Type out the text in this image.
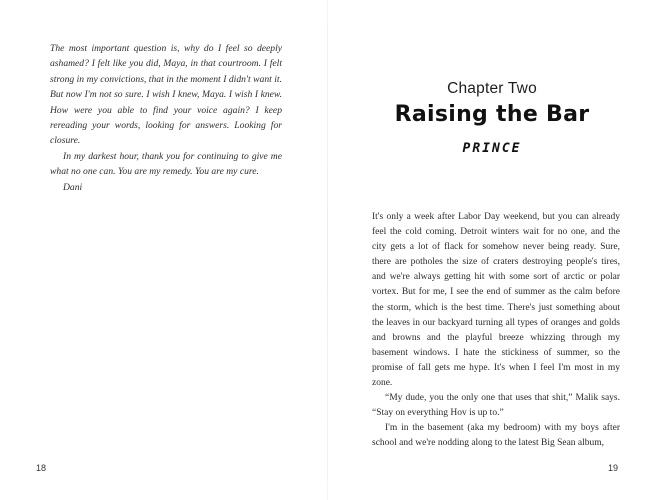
The most important question is, why do I feel so deeply ashamed? I felt like you did, Maya, in that courtroom. I felt strong in my convictions, that in the moment I didn't want it. But now I'm not so sure. I wish I knew, Maya. I wish I knew. How were you able to find your voice again? I keep rereading your words, looking for answers. Looking for closure.

In my darkest hour, thank you for continuing to give me what no one can. You are my remedy. You are my cure.

Dani

18
Chapter Two
Raising the Bar
PRINCE

It's only a week after Labor Day weekend, but you can already feel the cold coming. Detroit winters wait for no one, and the city gets a lot of flack for somehow never being ready. Sure, there are potholes the size of craters destroying people's tires, and we're always getting hit with some sort of arctic or polar vortex. But for me, I see the end of summer as the calm before the storm, which is the best time. There's just something about the leaves in our backyard turning all types of oranges and golds and browns and the playful breeze whizzing through my basement windows. I hate the stickiness of summer, so the promise of fall gets me hype. It's when I feel I'm most in my zone.

“My dude, you the only one that uses that shit,” Malik says. “Stay on everything Hov is up to.”

I'm in the basement (aka my bedroom) with my boys after school and we're nodding along to the latest Big Sean album,

19
